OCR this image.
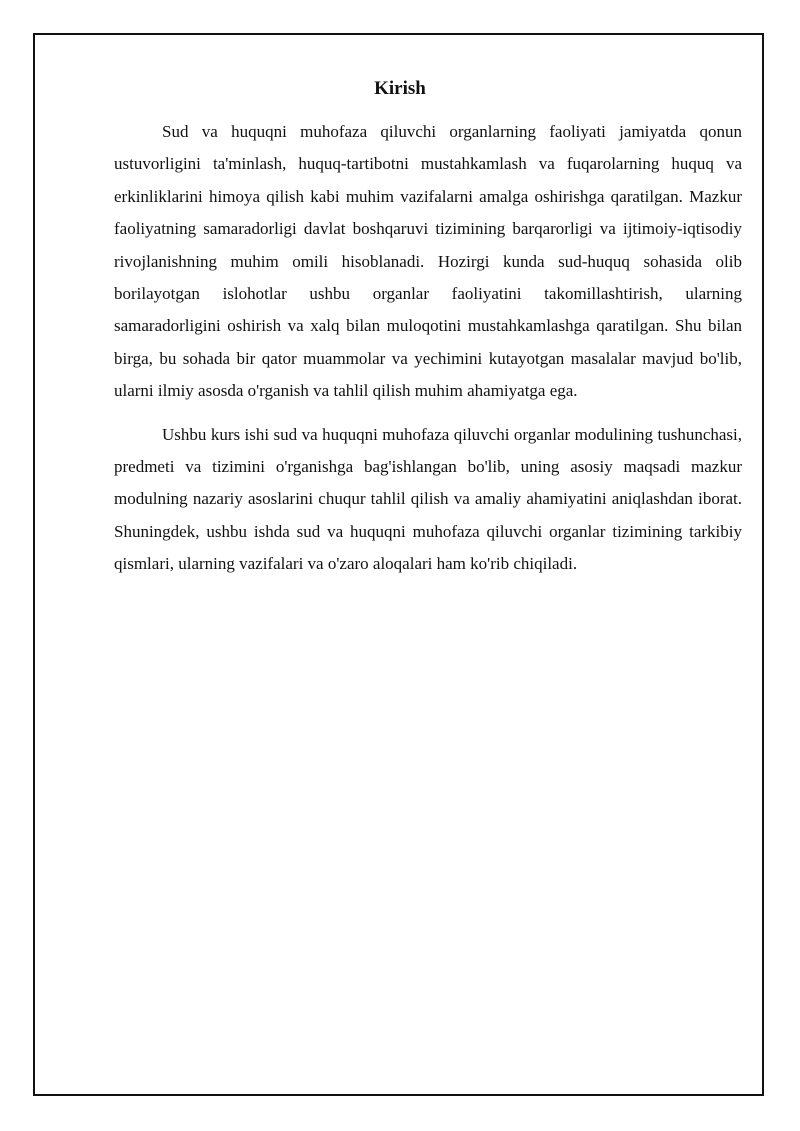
Kirish

Sud va huquqni muhofaza qiluvchi organlarning faoliyati jamiyatda qonun ustuvorligini ta'minlash, huquq-tartibotni mustahkamlash va fuqarolarning huquq va erkinliklarini himoya qilish kabi muhim vazifalarni amalga oshirishga qaratilgan. Mazkur faoliyatning samaradorligi davlat boshqaruvi tizimining barqarorligi va ijtimoiy-iqtisodiy rivojlanishning muhim omili hisoblanadi. Hozirgi kunda sud-huquq sohasida olib borilayotgan islohotlar ushbu organlar faoliyatini takomillashtirish, ularning samaradorligini oshirish va xalq bilan muloqotini mustahkamlashga qaratilgan. Shu bilan birga, bu sohada bir qator muammolar va yechimini kutayotgan masalalar mavjud bo'lib, ularni ilmiy asosda o'rganish va tahlil qilish muhim ahamiyatga ega.

Ushbu kurs ishi sud va huquqni muhofaza qiluvchi organlar modulining tushunchasi, predmeti va tizimini o'rganishga bag'ishlangan bo'lib, uning asosiy maqsadi mazkur modulning nazariy asoslarini chuqur tahlil qilish va amaliy ahamiyatini aniqlashdan iborat. Shuningdek, ushbu ishda sud va huquqni muhofaza qiluvchi organlar tizimining tarkibiy qismlari, ularning vazifalari va o'zaro aloqalari ham ko'rib chiqiladi.
